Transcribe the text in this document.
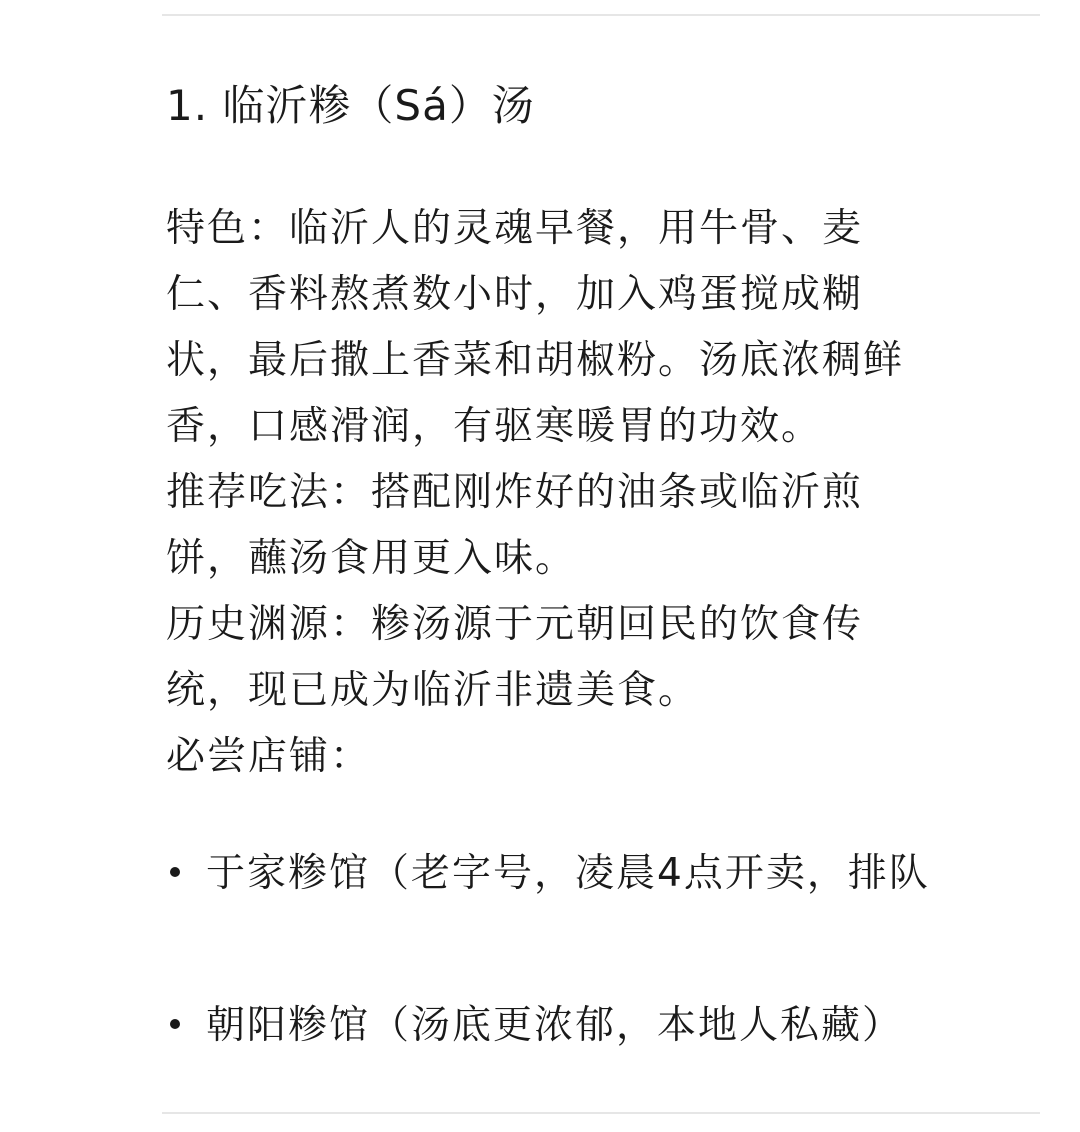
1. 临沂糁（Sá）汤
特色：临沂人的灵魂早餐，用牛骨、麦
仁、香料熬煮数小时，加入鸡蛋搅成糊
状，最后撒上香菜和胡椒粉。汤底浓稠鲜
香，口感滑润，有驱寒暖胃的功效。
推荐吃法：搭配刚炸好的油条或临沂煎
饼，蘸汤食用更入味。
历史渊源：糁汤源于元朝回民的饮食传
统，现已成为临沂非遗美食。
必尝店铺：
于家糁馆（老字号，凌晨4点开卖，排队
朝阳糁馆（汤底更浓郁，本地人私藏）
